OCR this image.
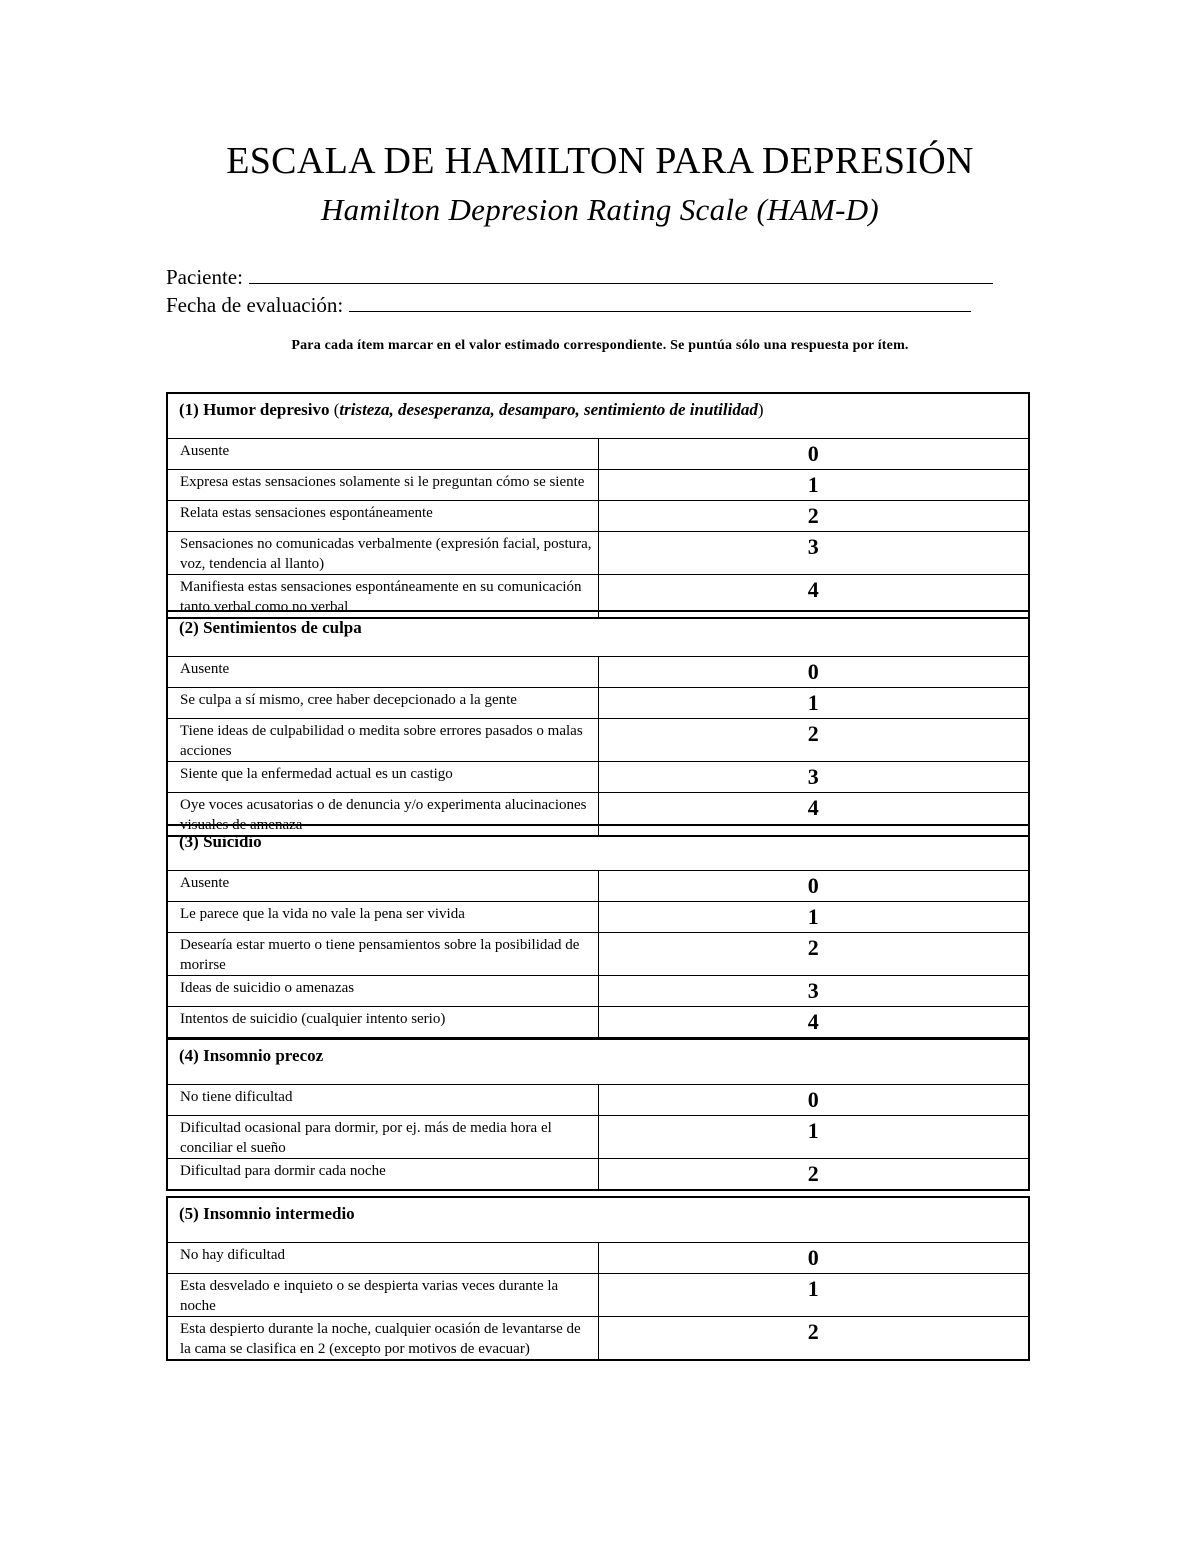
ESCALA DE HAMILTON PARA DEPRESIÓN
Hamilton Depresion Rating Scale (HAM-D)
Paciente:
Fecha de evaluación:
Para cada ítem marcar en el valor estimado correspondiente. Se puntúa sólo una respuesta por ítem.
(1) Humor depresivo (tristeza, desesperanza, desamparo, sentimiento de inutilidad)	
Ausente	0
Expresa estas sensaciones solamente si le preguntan cómo se siente	1
Relata estas sensaciones espontáneamente	2
Sensaciones no comunicadas verbalmente (expresión facial, postura, voz, tendencia al llanto)	3
Manifiesta estas sensaciones espontáneamente en su comunicación tanto verbal como no verbal	4
(2) Sentimientos de culpa	
Ausente	0
Se culpa a sí mismo, cree haber decepcionado a la gente	1
Tiene ideas de culpabilidad o medita sobre errores pasados o malas acciones	2
Siente que la enfermedad actual es un castigo	3
Oye voces acusatorias o de denuncia y/o experimenta alucinaciones visuales de amenaza	4
(3) Suicidio	
Ausente	0
Le parece que la vida no vale la pena ser vivida	1
Desearía estar muerto o tiene pensamientos sobre la posibilidad de morirse	2
Ideas de suicidio o amenazas	3
Intentos de suicidio (cualquier intento serio)	4
(4) Insomnio precoz	
No tiene dificultad	0
Dificultad ocasional para dormir, por ej. más de media hora el conciliar el sueño	1
Dificultad para dormir cada noche	2
(5) Insomnio intermedio	
No hay dificultad	0
Esta desvelado e inquieto o se despierta varias veces durante la noche	1
Esta despierto durante la noche, cualquier ocasión de levantarse de la cama se clasifica en 2 (excepto por motivos de evacuar)	2
